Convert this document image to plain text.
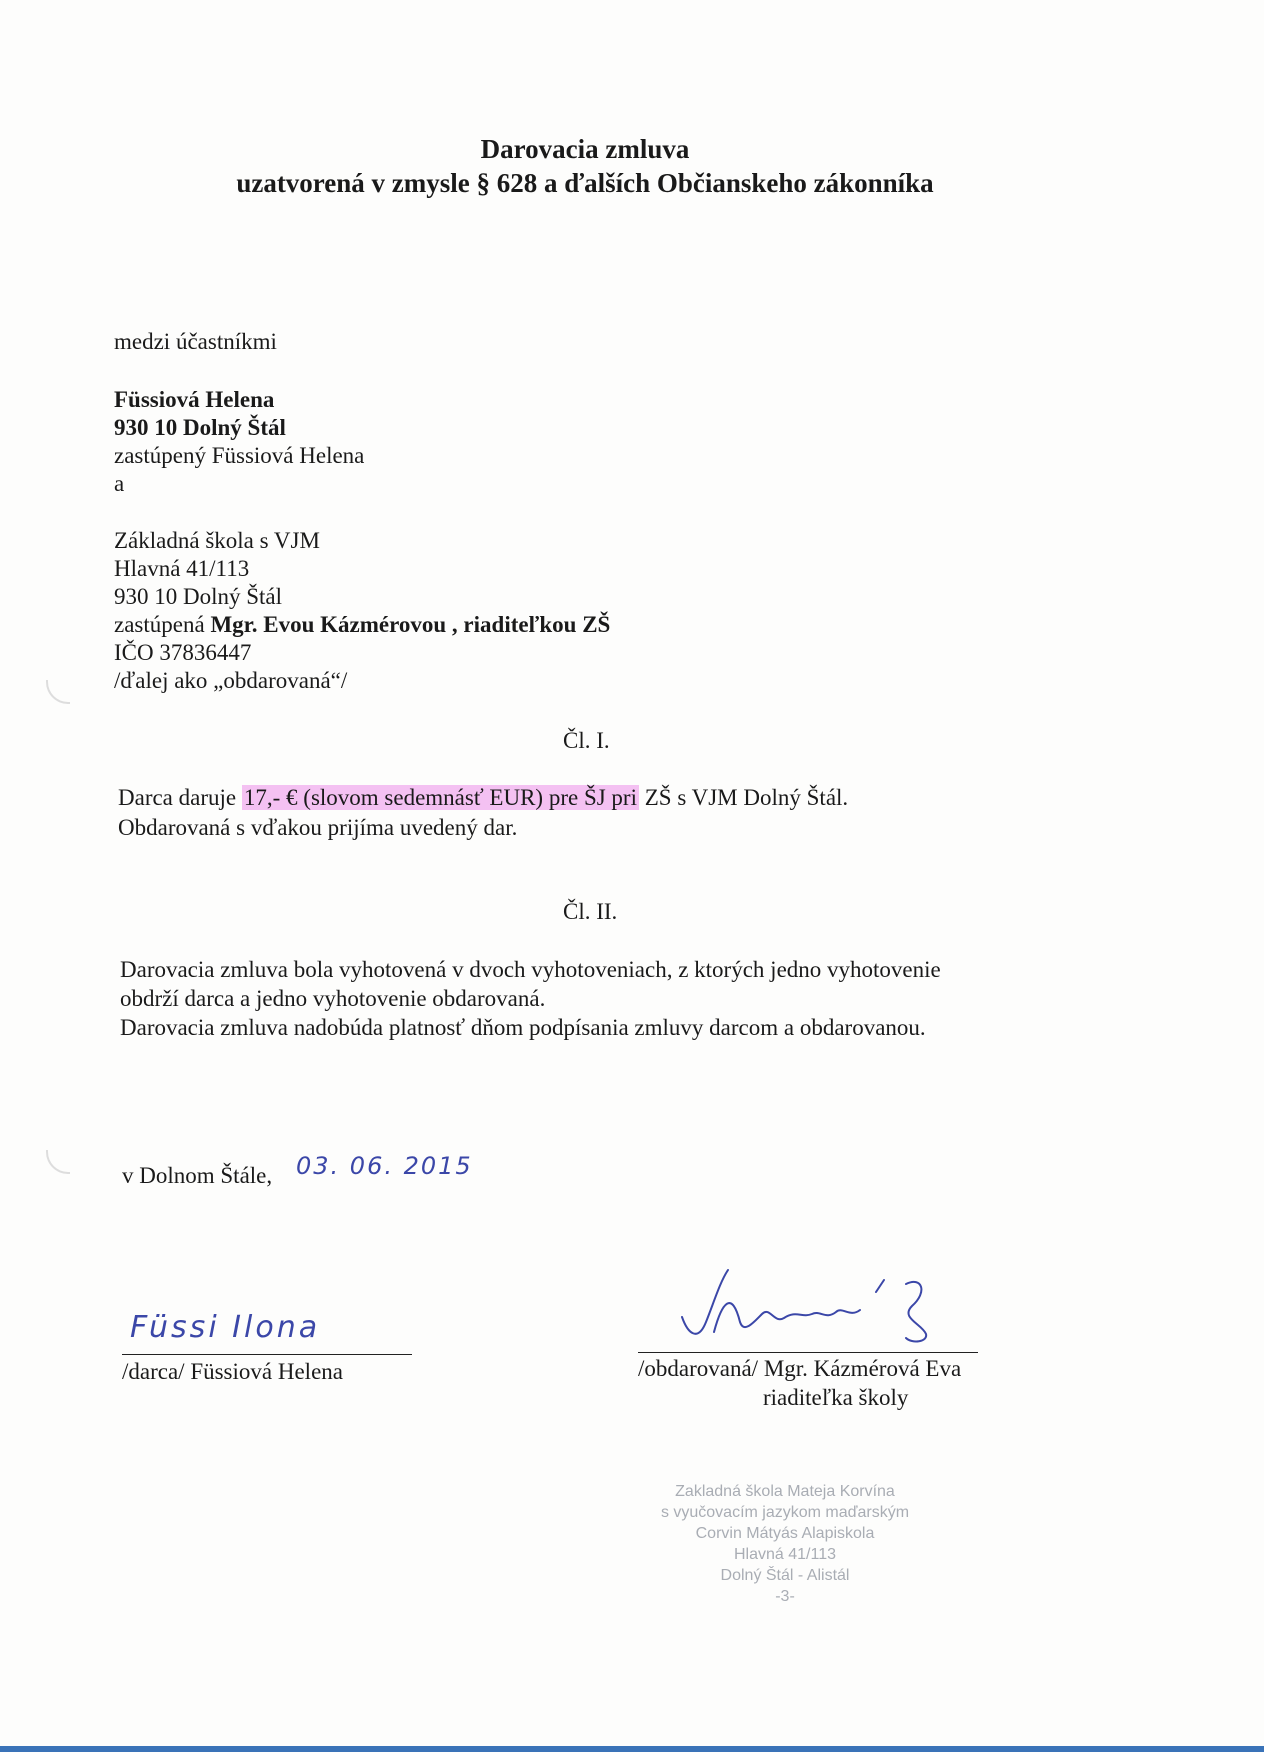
Darovacia zmluva
uzatvorená v zmysle § 628 a ďalších Občianskeho zákonníka
medzi účastníkmi
Füssiová Helena
930 10 Dolný Štál
zastúpený Füssiová Helena
a
Základná škola s VJM
Hlavná 41/113
930 10 Dolný Štál
zastúpená Mgr. Evou Kázmérovou , riaditeľkou ZŠ
IČO 37836447
/ďalej ako „obdarovaná“/
Čl. I.
Darca daruje 17,- € (slovom sedemnásť EUR) pre ŠJ pri ZŠ s VJM Dolný Štál.
Obdarovaná s vďakou prijíma uvedený dar.
Čl. II.
Darovacia zmluva bola vyhotovená v dvoch vyhotoveniach, z ktorých jedno vyhotovenie
obdrží darca a jedno vyhotovenie obdarovaná.
Darovacia zmluva nadobúda platnosť dňom podpísania zmluvy darcom a obdarovanou.
v Dolnom Štále, 03. 06. 2015
Füssi Ilona
/darca/ Füssiová Helena	/obdarovaná/ Mgr. Kázmérová Eva
riaditeľka školy
Zakladná škola Mateja Korvína
s vyučovacím jazykom maďarským
Corvin Mátyás Alapiskola
Hlavná 41/113
Dolný Štál - Alistál
-3-
